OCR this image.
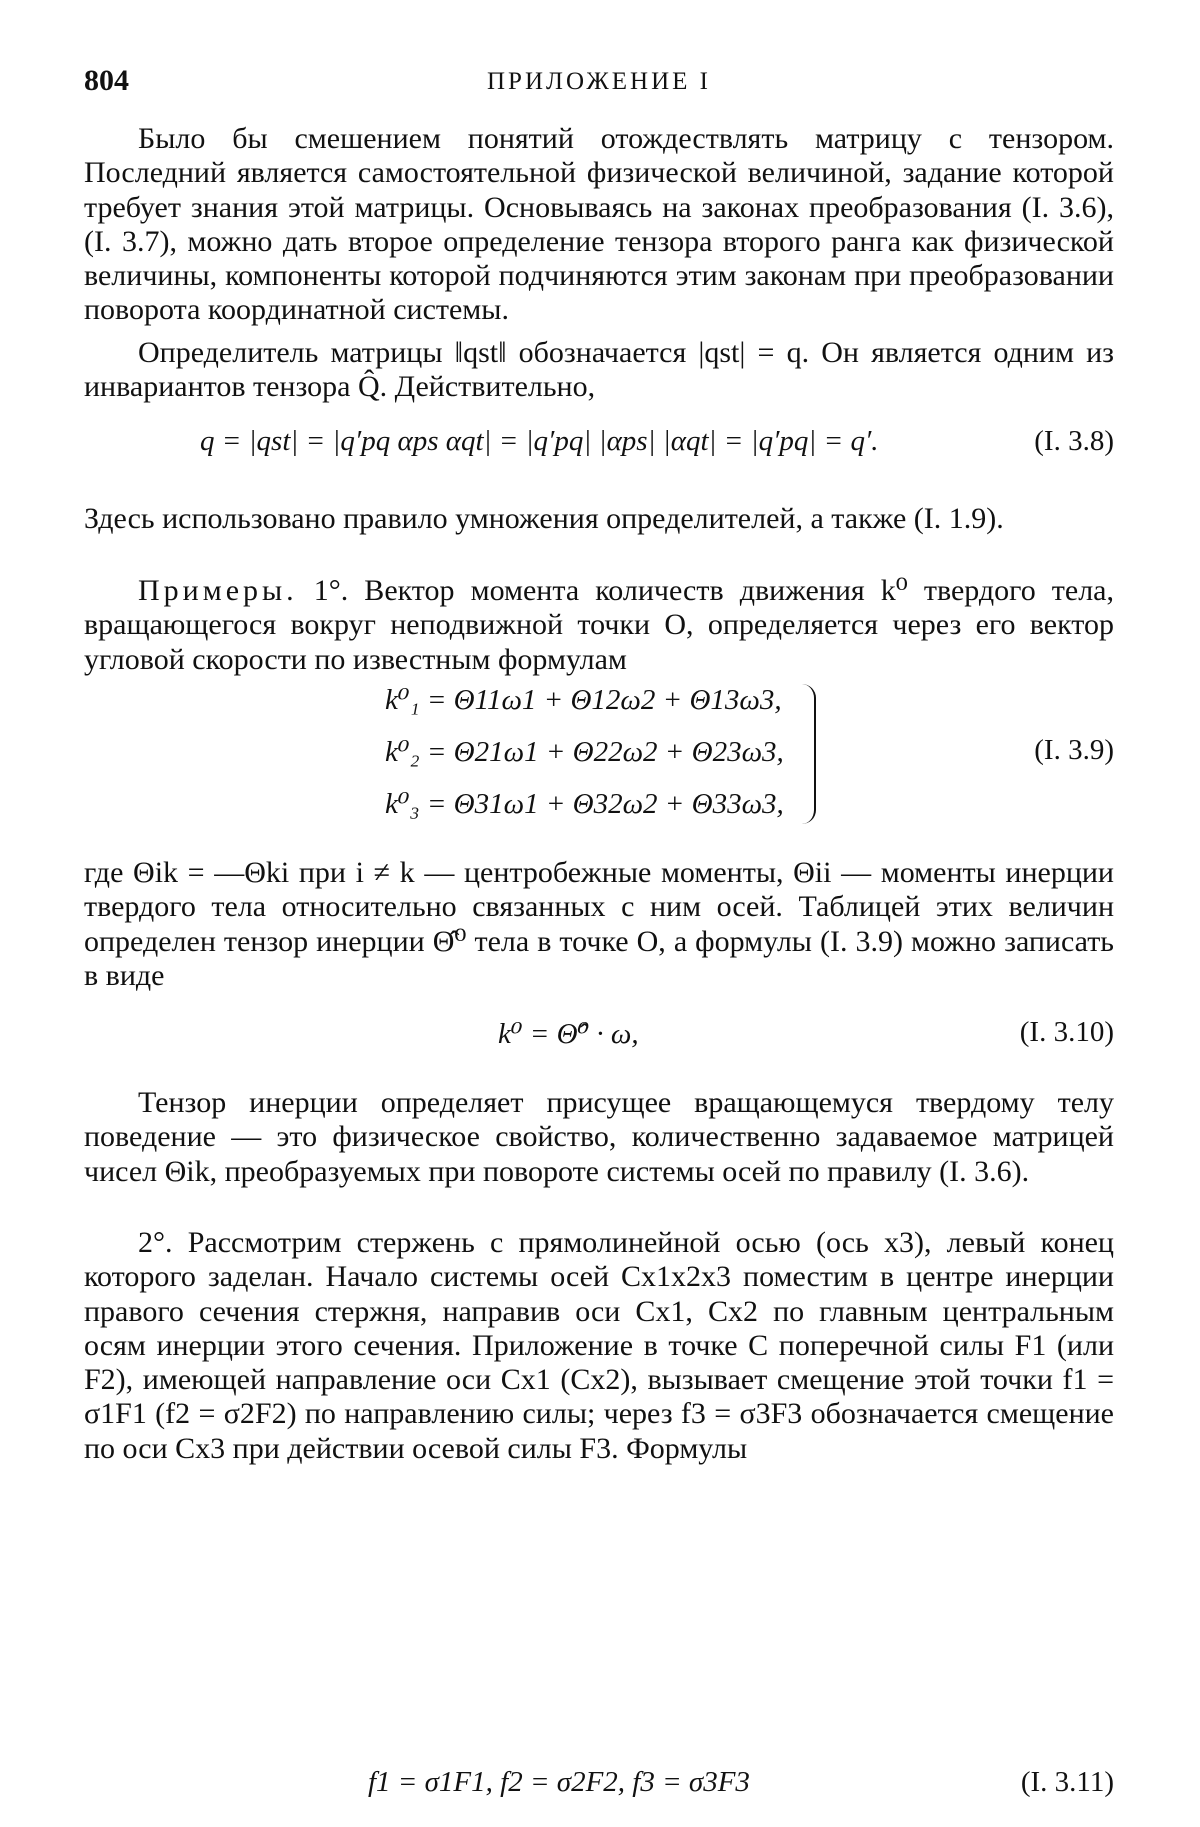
804	ПРИЛОЖЕНИЕ I

Было бы смешением понятий отождествлять матрицу с тензором. Последний является самостоятельной физической величиной, задание которой требует знания этой матрицы. Основываясь на законах преобразования (I. 3.6), (I. 3.7), можно дать второе определение тензора второго ранга как физической величины, компоненты которой подчиняются этим законам при преобразовании поворота координатной системы.

Определитель матрицы ‖qst‖ обозначается |qst| = q. Он является одним из инвариантов тензора Q̂. Действительно,

q = |qst| = |q′pq αps αqt| = |q′pq| |αps| |αqt| = |q′pq| = q′.	(I. 3.8)

Здесь использовано правило умножения определителей, а также (I. 1.9).

Примеры. 1°. Вектор момента количеств движения k⁰ твердого тела, вращающегося вокруг неподвижной точки O, определяется через его вектор угловой скорости по известным формулам

k⁰₁ = Θ11ω1 + Θ12ω2 + Θ13ω3,
k⁰₂ = Θ21ω1 + Θ22ω2 + Θ23ω3,
k⁰₃ = Θ31ω1 + Θ32ω2 + Θ33ω3,
(I. 3.9)

где Θik = —Θki при i ≠ k — центробежные моменты, Θii — моменты инерции твердого тела относительно связанных с ним осей. Таблицей этих величин определен тензор инерции Θ̂⁰ тела в точке O, а формулы (I. 3.9) можно записать в виде

k⁰ = Θ̂⁰ · ω,	(I. 3.10)

Тензор инерции определяет присущее вращающемуся твердому телу поведение — это физическое свойство, количественно задаваемое матрицей чисел Θik, преобразуемых при повороте системы осей по правилу (I. 3.6).

2°. Рассмотрим стержень с прямолинейной осью (ось x3), левый конец которого заделан. Начало системы осей Cx1x2x3 поместим в центре инерции правого сечения стержня, направив оси Cx1, Cx2 по главным центральным осям инерции этого сечения. Приложение в точке C поперечной силы F1 (или F2), имеющей направление оси Cx1 (Cx2), вызывает смещение этой точки f1 = σ1F1 (f2 = σ2F2) по направлению силы; через f3 = σ3F3 обозначается смещение по оси Cx3 при действии осевой силы F3. Формулы

f1 = σ1F1, f2 = σ2F2, f3 = σ3F3	(I. 3.11)
